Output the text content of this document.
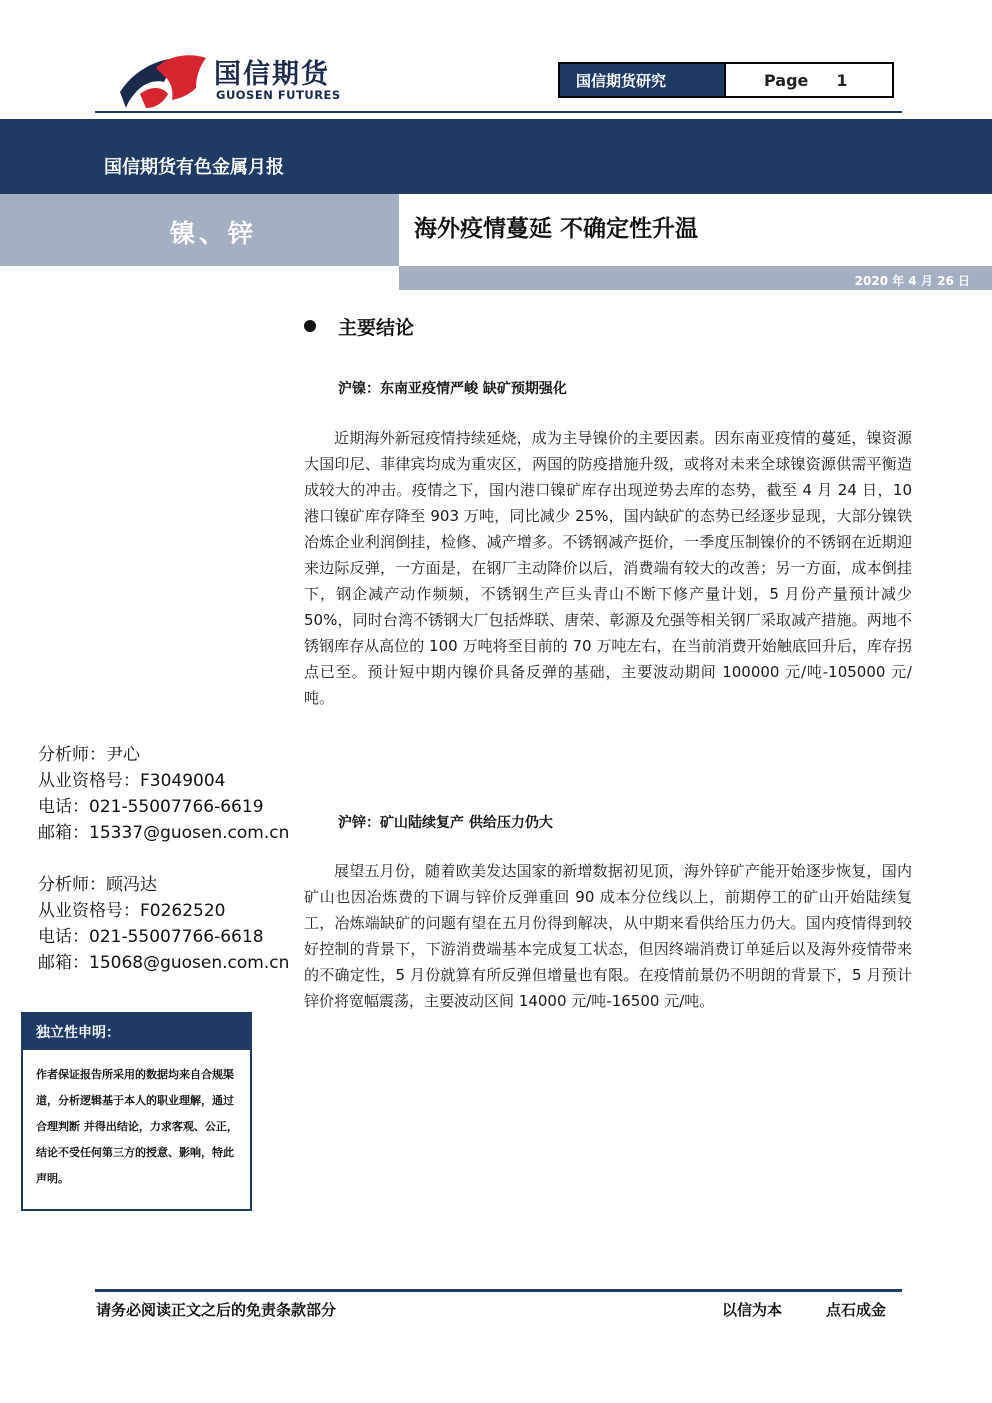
国信期货
GUOSEN FUTURES
国信期货研究	Page 1
国信期货有色金属月报
镍、锌	海外疫情蔓延 不确定性升温
2020 年 4 月 26 日
主要结论
沪镍：东南亚疫情严峻 缺矿预期强化
近期海外新冠疫情持续延烧，成为主导镍价的主要因素。因东南亚疫情的蔓延，镍资源大国印尼、菲律宾均成为重灾区，两国的防疫措施升级，或将对未来全球镍资源供需平衡造成较大的冲击。疫情之下，国内港口镍矿库存出现逆势去库的态势，截至 4 月 24 日，10 港口镍矿库存降至 903 万吨，同比减少 25%，国内缺矿的态势已经逐步显现，大部分镍铁冶炼企业利润倒挂，检修、减产增多。不锈钢减产挺价，一季度压制镍价的不锈钢在近期迎来边际反弹，一方面是，在钢厂主动降价以后，消费端有较大的改善；另一方面，成本倒挂下，钢企减产动作频频，不锈钢生产巨头青山不断下修产量计划，5 月份产量预计减少 50%，同时台湾不锈钢大厂包括烨联、唐荣、彰源及允强等相关钢厂采取减产措施。两地不锈钢库存从高位的 100 万吨将至目前的 70 万吨左右，在当前消费开始触底回升后，库存拐点已至。预计短中期内镍价具备反弹的基础，主要波动期间 100000 元/吨-105000 元/吨。
沪锌：矿山陆续复产 供给压力仍大
展望五月份，随着欧美发达国家的新增数据初见顶，海外锌矿产能开始逐步恢复，国内矿山也因冶炼费的下调与锌价反弹重回 90 成本分位线以上，前期停工的矿山开始陆续复工，冶炼端缺矿的问题有望在五月份得到解决，从中期来看供给压力仍大。国内疫情得到较好控制的背景下，下游消费端基本完成复工状态，但因终端消费订单延后以及海外疫情带来的不确定性，5 月份就算有所反弹但增量也有限。在疫情前景仍不明朗的背景下，5 月预计锌价将宽幅震荡，主要波动区间 14000 元/吨-16500 元/吨。
分析师：尹心
从业资格号：F3049004
电话：021-55007766-6619
邮箱：15337@guosen.com.cn
分析师：顾冯达
从业资格号：F0262520
电话：021-55007766-6618
邮箱：15068@guosen.com.cn
独立性申明：
作者保证报告所采用的数据均来自合规渠道，分析逻辑基于本人的职业理解，通过合理判断 并得出结论，力求客观、公正，结论不受任何第三方的授意、影响，特此声明。
请务必阅读正文之后的免责条款部分	以信为本	点石成金
